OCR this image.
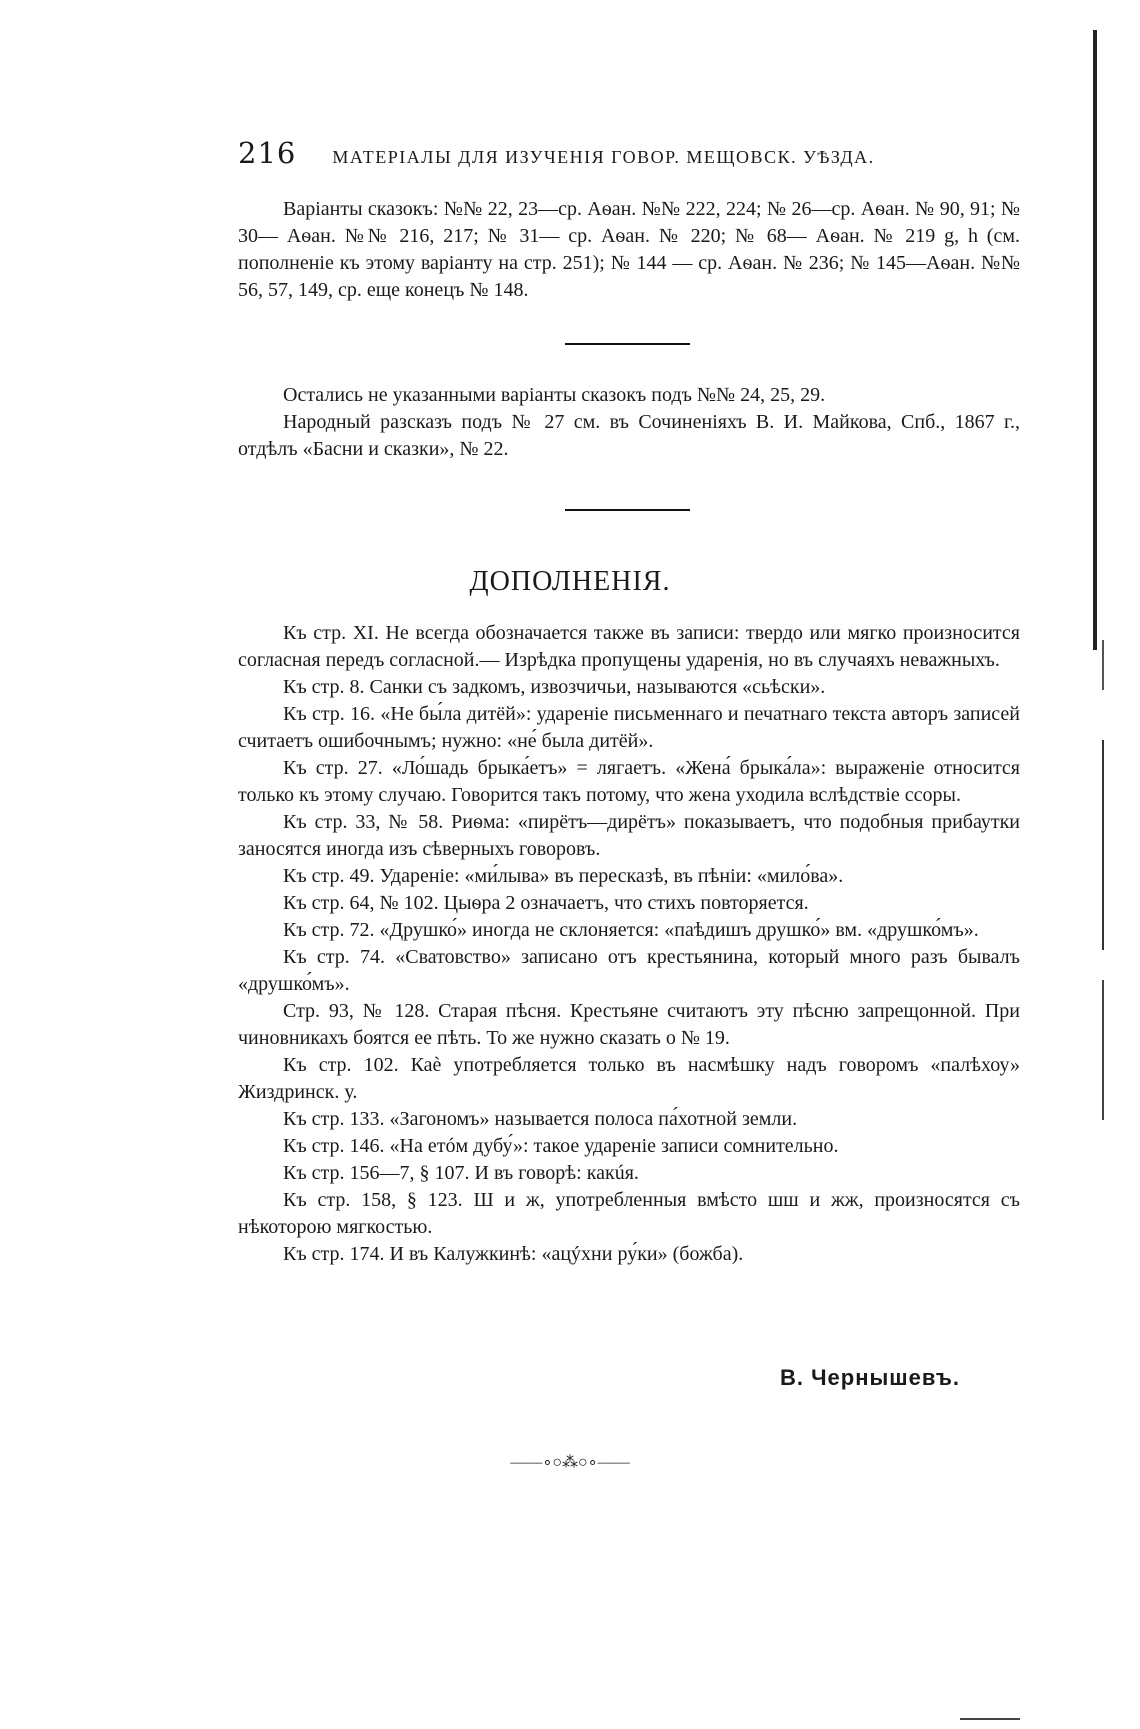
216 МАТЕРІАЛЫ ДЛЯ ИЗУЧЕНІЯ ГОВОР. МЕЩОВСК. УѢЗДА.

Варіанты сказокъ: №№ 22, 23—ср. Аѳан. №№ 222, 224; № 26—ср. Аѳан. № 90, 91; № 30— Аѳан. №№ 216, 217; № 31— ср. Аѳан. № 220; № 68— Аѳан. № 219 g, h (см. пополненіе къ этому варіанту на стр. 251); № 144 — ср. Аѳан. № 236; № 145—Аѳан. №№ 56, 57, 149, ср. еще конецъ № 148.

Остались не указанными варіанты сказокъ подъ №№ 24, 25, 29.

Народный разсказъ подъ № 27 см. въ Сочиненіяхъ В. И. Майкова, Спб., 1867 г., отдѣлъ «Басни и сказки», № 22.

ДОПОЛНЕНІЯ.

Къ стр. XI. Не всегда обозначается также въ записи: твердо или мягко произносится согласная передъ согласной.— Изрѣдка пропущены ударенія, но въ случаяхъ неважныхъ.

Къ стр. 8. Санки съ задкомъ, извозчичьи, называются «сьѣски».

Къ стр. 16. «Не бы́ла дитёй»: удареніе письменнаго и печатнаго текста авторъ записей считаетъ ошибочнымъ; нужно: «не́ была дитёй».

Къ стр. 27. «Ло́шадь брыка́етъ» = лягаетъ. «Жена́ брыка́ла»: выраженіе относится только къ этому случаю. Говорится такъ потому, что жена уходила вслѣдствіе ссоры.

Къ стр. 33, № 58. Риѳма: «пирётъ—дирётъ» показываетъ, что подобныя прибаутки заносятся иногда изъ сѣверныхъ говоровъ.

Къ стр. 49. Удареніе: «ми́лыва» въ пересказѣ, въ пѣніи: «мило́ва».

Къ стр. 64, № 102. Цыѳра 2 означаетъ, что стихъ повторяется.

Къ стр. 72. «Друшко́» иногда не склоняется: «паѣдишъ друшко́» вм. «друшко́мъ».

Къ стр. 74. «Сватовство» записано отъ крестьянина, который много разъ бывалъ «друшко́мъ».

Стр. 93, № 128. Старая пѣсня. Крестьяне считаютъ эту пѣсню запрещонной. При чиновникахъ боятся ее пѣть. То же нужно сказать о № 19.

Къ стр. 102. Каѐ употребляется только въ насмѣшку надъ говоромъ «палѣхоу» Жиздринск. у.

Къ стр. 133. «Загономъ» называется полоса па́хотной земли.

Къ стр. 146. «На етóм дубу́»: такое удареніе записи сомнительно.

Къ стр. 156—7, § 107. И въ говорѣ: какúя.

Къ стр. 158, § 123. Ш и ж, употребленныя вмѣсто шш и жж, произносятся съ нѣкоторою мягкостью.

Къ стр. 174. И въ Калужкинѣ: «ацýхни ру́ки» (божба).

В. Чернышевъ.
——∘○⁂○∘——
